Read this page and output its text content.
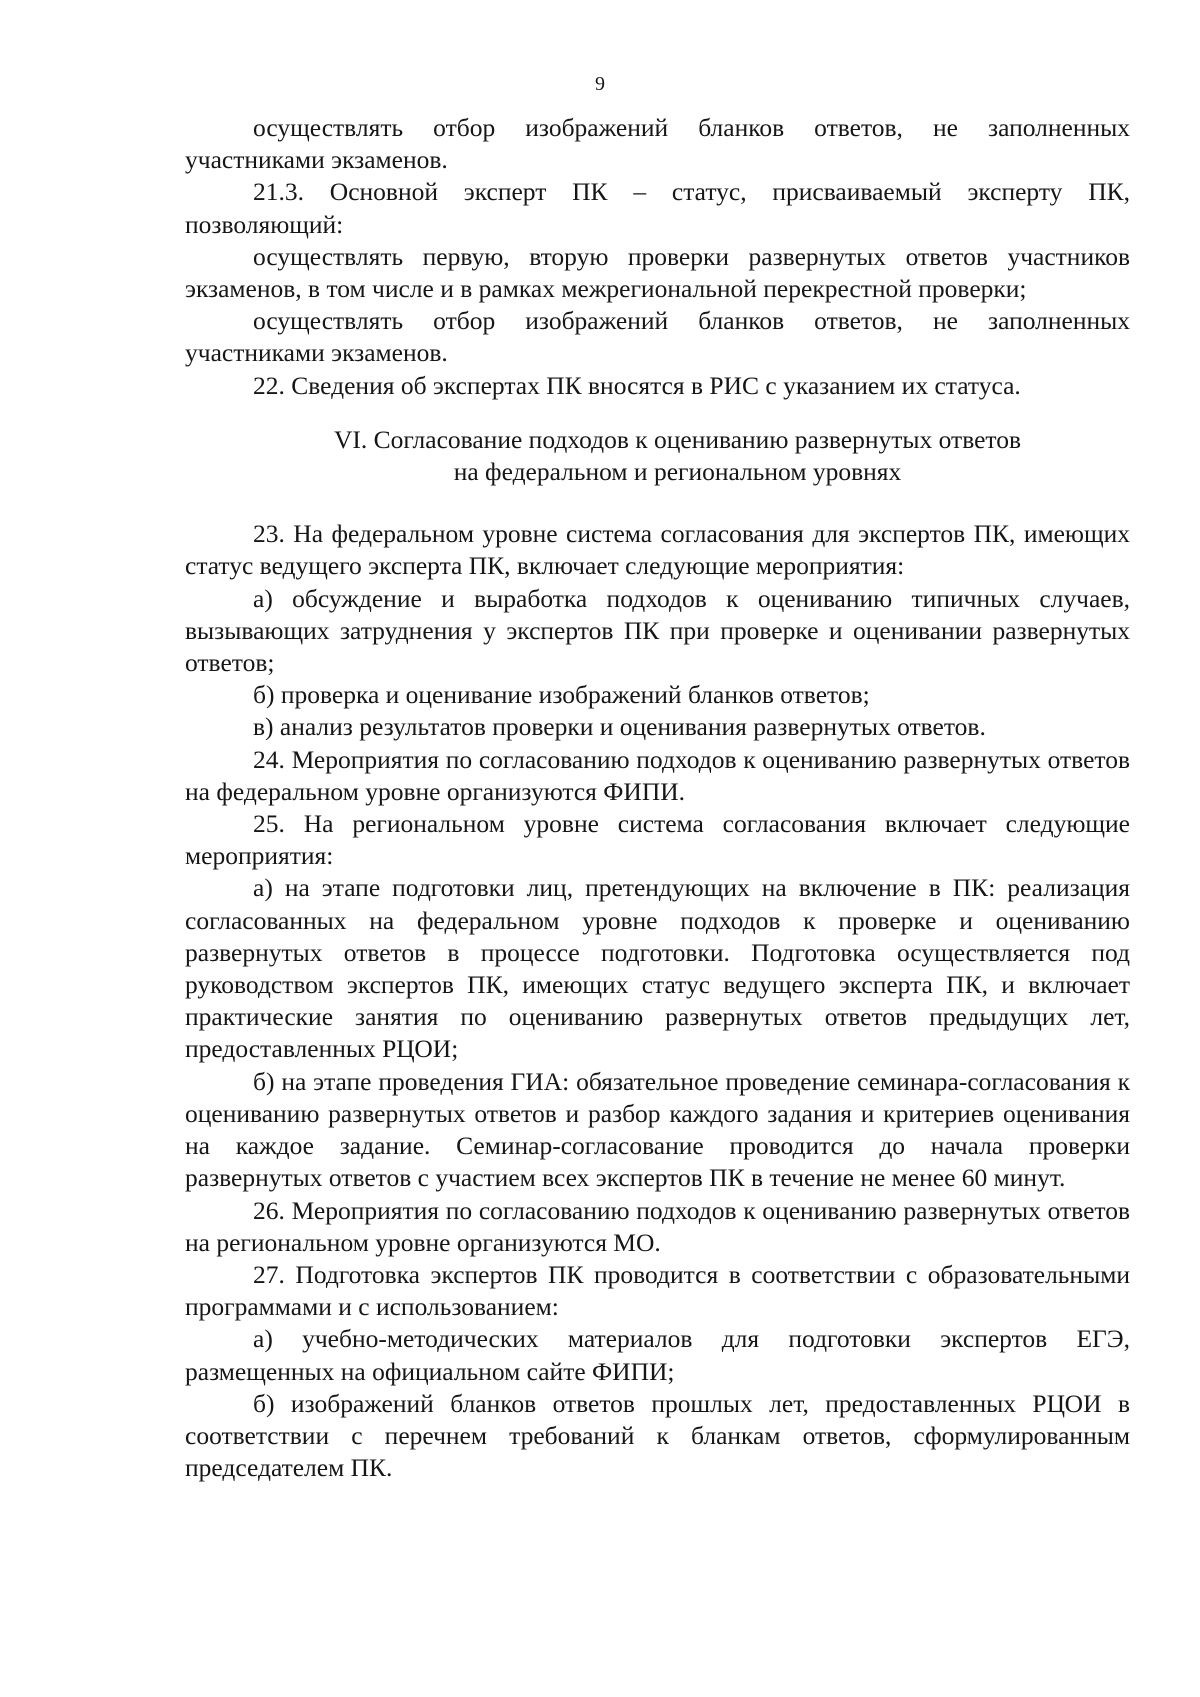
9

осуществлять отбор изображений бланков ответов, не заполненных участниками экзаменов.

21.3. Основной эксперт ПК – статус, присваиваемый эксперту ПК, позволяющий:

осуществлять первую, вторую проверки развернутых ответов участников экзаменов, в том числе и в рамках межрегиональной перекрестной проверки;

осуществлять отбор изображений бланков ответов, не заполненных участниками экзаменов.

22. Сведения об экспертах ПК вносятся в РИС с указанием их статуса.

VI. Согласование подходов к оцениванию развернутых ответов
на федеральном и региональном уровнях

23. На федеральном уровне система согласования для экспертов ПК, имеющих статус ведущего эксперта ПК, включает следующие мероприятия:

а) обсуждение и выработка подходов к оцениванию типичных случаев, вызывающих затруднения у экспертов ПК при проверке и оценивании развернутых ответов;

б) проверка и оценивание изображений бланков ответов;

в) анализ результатов проверки и оценивания развернутых ответов.

24. Мероприятия по согласованию подходов к оцениванию развернутых ответов на федеральном уровне организуются ФИПИ.

25. На региональном уровне система согласования включает следующие мероприятия:

а) на этапе подготовки лиц, претендующих на включение в ПК: реализация согласованных на федеральном уровне подходов к проверке и оцениванию развернутых ответов в процессе подготовки. Подготовка осуществляется под руководством экспертов ПК, имеющих статус ведущего эксперта ПК, и включает практические занятия по оцениванию развернутых ответов предыдущих лет, предоставленных РЦОИ;

б) на этапе проведения ГИА: обязательное проведение семинара-согласования к оцениванию развернутых ответов и разбор каждого задания и критериев оценивания на каждое задание. Семинар-согласование проводится до начала проверки развернутых ответов с участием всех экспертов ПК в течение не менее 60 минут.

26. Мероприятия по согласованию подходов к оцениванию развернутых ответов на региональном уровне организуются МО.

27. Подготовка экспертов ПК проводится в соответствии с образовательными программами и с использованием:

а) учебно-методических материалов для подготовки экспертов ЕГЭ, размещенных на официальном сайте ФИПИ;

б) изображений бланков ответов прошлых лет, предоставленных РЦОИ в соответствии с перечнем требований к бланкам ответов, сформулированным председателем ПК.
